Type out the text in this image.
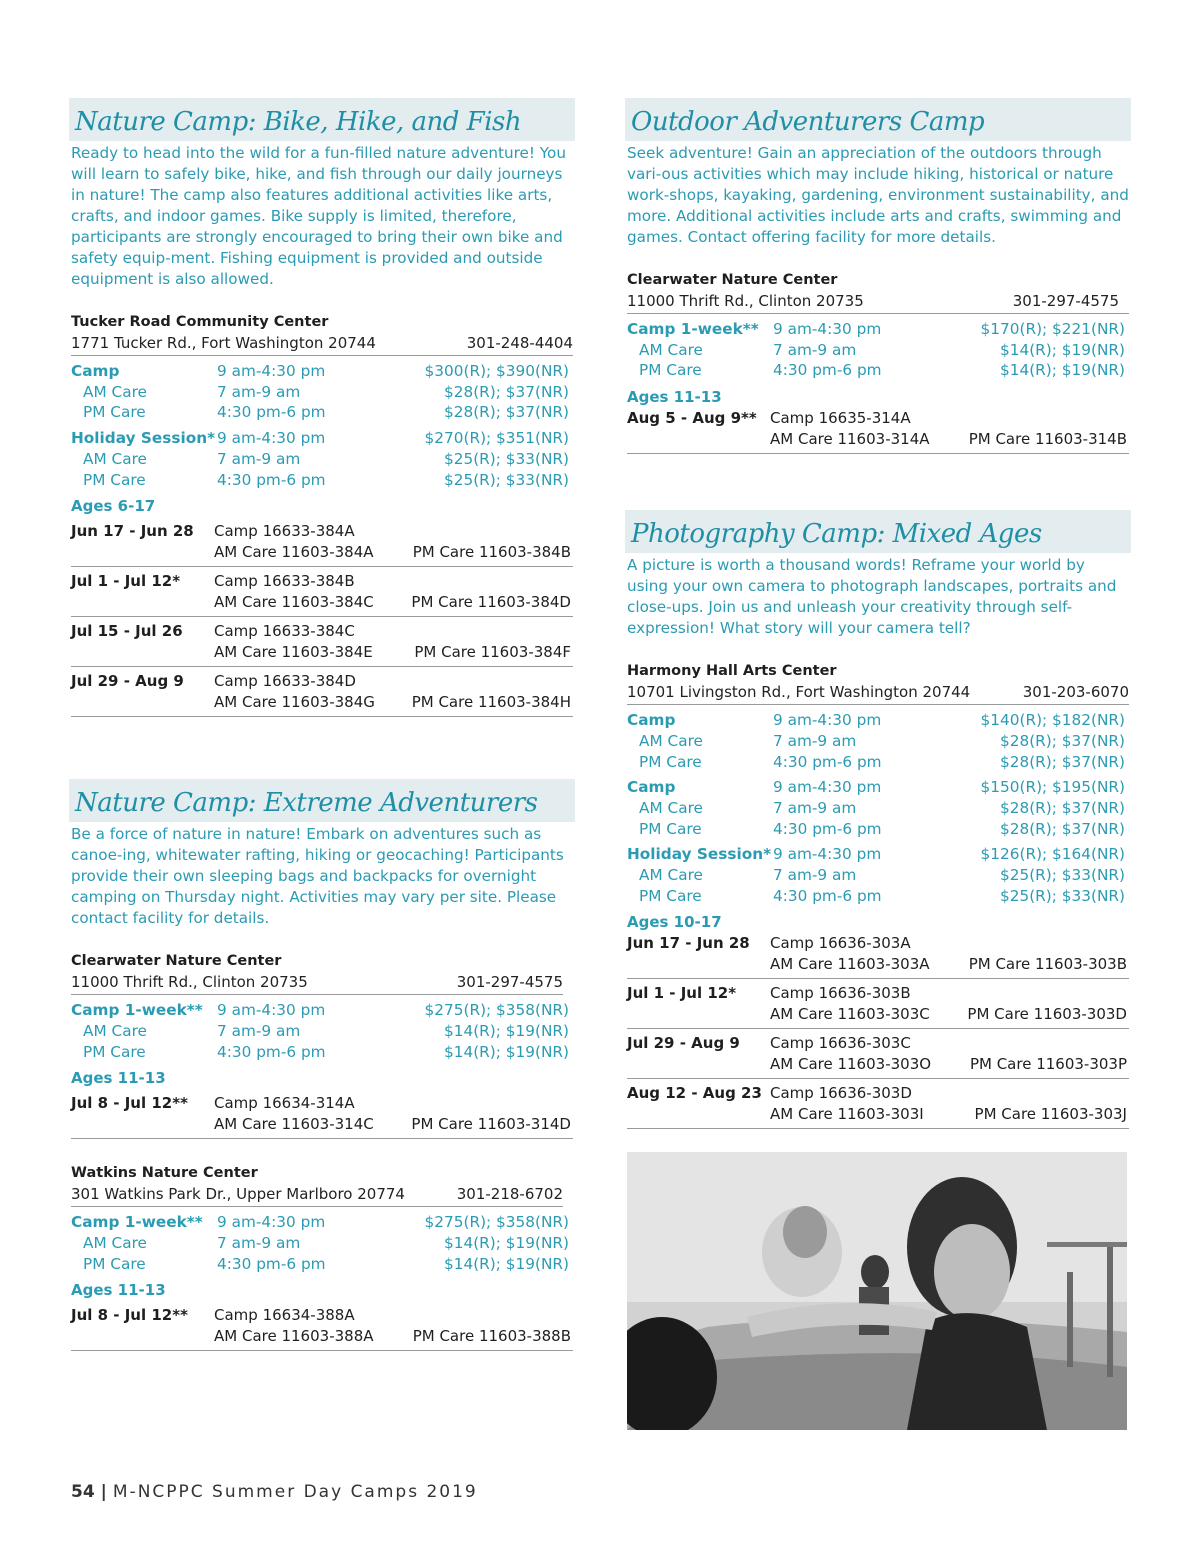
Nature Camp: Bike, Hike, and Fish
Ready to head into the wild for a fun-filled nature adventure! You will learn to safely bike, hike, and fish through our daily journeys in nature! The camp also features additional activities like arts, crafts, and indoor games. Bike supply is limited, therefore, participants are strongly encouraged to bring their own bike and safety equip-ment. Fishing equipment is provided and outside equipment is also allowed.
Tucker Road Community Center
1771 Tucker Rd., Fort Washington 20744	301-248-4404
Camp	9 am-4:30 pm	$300(R); $390(NR)
AM Care	7 am-9 am	$28(R); $37(NR)
PM Care	4:30 pm-6 pm	$28(R); $37(NR)
Holiday Session* 9 am-4:30 pm	$270(R); $351(NR)
AM Care	7 am-9 am	$25(R); $33(NR)
PM Care	4:30 pm-6 pm	$25(R); $33(NR)
Ages 6-17
Jun 17 - Jun 28	Camp 16633-384A
AM Care 11603-384A	PM Care 11603-384B
Jul 1 - Jul 12*	Camp 16633-384B
AM Care 11603-384C	PM Care 11603-384D
Jul 15 - Jul 26	Camp 16633-384C
AM Care 11603-384E	PM Care 11603-384F
Jul 29 - Aug 9	Camp 16633-384D
AM Care 11603-384G	PM Care 11603-384H
Nature Camp: Extreme Adventurers
Be a force of nature in nature! Embark on adventures such as canoe-ing, whitewater rafting, hiking or geocaching! Participants provide their own sleeping bags and backpacks for overnight camping on Thursday night. Activities may vary per site. Please contact facility for details.
Clearwater Nature Center
11000 Thrift Rd., Clinton 20735	301-297-4575
Camp 1-week** 9 am-4:30 pm	$275(R); $358(NR)
AM Care	7 am-9 am	$14(R); $19(NR)
PM Care	4:30 pm-6 pm	$14(R); $19(NR)
Ages 11-13
Jul 8 - Jul 12**	Camp 16634-314A
AM Care 11603-314C	PM Care 11603-314D
Watkins Nature Center
301 Watkins Park Dr., Upper Marlboro 20774	301-218-6702
Camp 1-week** 9 am-4:30 pm	$275(R); $358(NR)
AM Care	7 am-9 am	$14(R); $19(NR)
PM Care	4:30 pm-6 pm	$14(R); $19(NR)
Ages 11-13
Jul 8 - Jul 12**	Camp 16634-388A
AM Care 11603-388A	PM Care 11603-388B
Outdoor Adventurers Camp
Seek adventure! Gain an appreciation of the outdoors through vari-ous activities which may include hiking, historical or nature work-shops, kayaking, gardening, environment sustainability, and more. Additional activities include arts and crafts, swimming and games. Contact offering facility for more details.
Clearwater Nature Center
11000 Thrift Rd., Clinton 20735	301-297-4575
Camp 1-week** 9 am-4:30 pm	$170(R); $221(NR)
AM Care	7 am-9 am	$14(R); $19(NR)
PM Care	4:30 pm-6 pm	$14(R); $19(NR)
Ages 11-13
Aug 5 - Aug 9** Camp 16635-314A
AM Care 11603-314A	PM Care 11603-314B
Photography Camp: Mixed Ages
A picture is worth a thousand words! Reframe your world by using your own camera to photograph landscapes, portraits and close-ups. Join us and unleash your creativity through self-expression! What story will your camera tell?
Harmony Hall Arts Center
10701 Livingston Rd., Fort Washington 20744	301-203-6070
Camp	9 am-4:30 pm	$140(R); $182(NR)
AM Care	7 am-9 am	$28(R); $37(NR)
PM Care	4:30 pm-6 pm	$28(R); $37(NR)
Camp	9 am-4:30 pm	$150(R); $195(NR)
AM Care	7 am-9 am	$28(R); $37(NR)
PM Care	4:30 pm-6 pm	$28(R); $37(NR)
Holiday Session* 9 am-4:30 pm	$126(R); $164(NR)
AM Care	7 am-9 am	$25(R); $33(NR)
PM Care	4:30 pm-6 pm	$25(R); $33(NR)
Ages 10-17
Jun 17 - Jun 28	Camp 16636-303A
AM Care 11603-303A	PM Care 11603-303B
Jul 1 - Jul 12*	Camp 16636-303B
AM Care 11603-303C	PM Care 11603-303D
Jul 29 - Aug 9	Camp 16636-303C
AM Care 11603-303O	PM Care 11603-303P
Aug 12 - Aug 23 Camp 16636-303D
AM Care 11603-303I	PM Care 11603-303J
54 | M-NCPPC Summer Day Camps 2019
